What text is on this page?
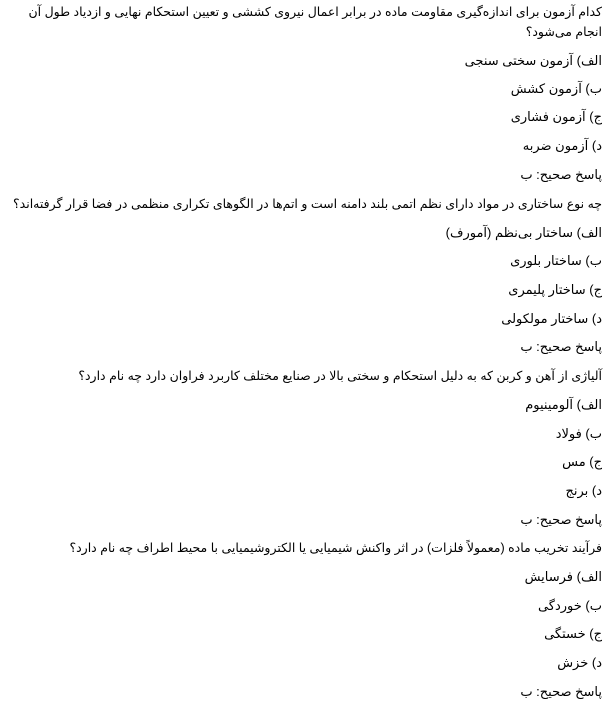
کدام آزمون برای اندازه‌گیری مقاومت ماده در برابر اعمال نیروی کششی و تعیین استحکام نهایی و ازدیاد طول آن انجام می‌شود؟
الف) آزمون سختی سنجی
ب) آزمون کشش
ج) آزمون فشاری
د) آزمون ضربه
پاسخ صحیح: ب
چه نوع ساختاری در مواد دارای نظم اتمی بلند دامنه است و اتم‌ها در الگوهای تکراری منظمی در فضا قرار گرفته‌اند؟
الف) ساختار بی‌نظم (آمورف)
ب) ساختار بلوری
ج) ساختار پلیمری
د) ساختار مولکولی
پاسخ صحیح: ب
آلیاژی از آهن و کربن که به دلیل استحکام و سختی بالا در صنایع مختلف کاربرد فراوان دارد چه نام دارد؟
الف) آلومینیوم
ب) فولاد
ج) مس
د) برنج
پاسخ صحیح: ب
فرآیند تخریب ماده (معمولاً فلزات) در اثر واکنش شیمیایی یا الکتروشیمیایی با محیط اطراف چه نام دارد؟
الف) فرسایش
ب) خوردگی
ج) خستگی
د) خزش
پاسخ صحیح: ب
